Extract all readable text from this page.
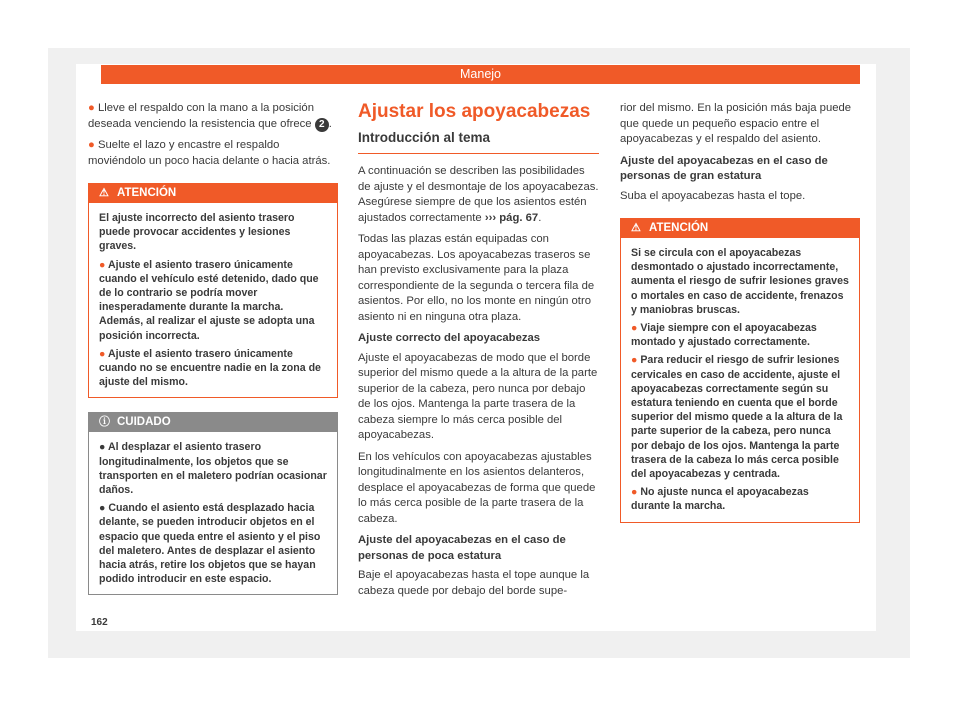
Manejo

● Lleve el respaldo con la mano a la posición deseada venciendo la resistencia que ofrece 2 .

● Suelte el lazo y encastre el respaldo moviéndolo un poco hacia delante o hacia atrás.

⚠ ATENCIÓN

El ajuste incorrecto del asiento trasero puede provocar accidentes y lesiones graves.

● Ajuste el asiento trasero únicamente cuando el vehículo esté detenido, dado que de lo contrario se podría mover inesperadamente durante la marcha. Además, al realizar el ajuste se adopta una posición incorrecta.

● Ajuste el asiento trasero únicamente cuando no se encuentre nadie en la zona de ajuste del mismo.

ⓘ CUIDADO

● Al desplazar el asiento trasero longitudinalmente, los objetos que se transporten en el maletero podrían ocasionar daños.

● Cuando el asiento está desplazado hacia delante, se pueden introducir objetos en el espacio que queda entre el asiento y el piso del maletero. Antes de desplazar el asiento hacia atrás, retire los objetos que se hayan podido introducir en este espacio.

Ajustar los apoyacabezas
Introducción al tema

A continuación se describen las posibilidades de ajuste y el desmontaje de los apoyacabezas. Asegúrese siempre de que los asientos estén ajustados correctamente ››› pág. 67.

Todas las plazas están equipadas con apoyacabezas. Los apoyacabezas traseros se han previsto exclusivamente para la plaza correspondiente de la segunda o tercera fila de asientos. Por ello, no los monte en ningún otro asiento ni en ninguna otra plaza.

Ajuste correcto del apoyacabezas

Ajuste el apoyacabezas de modo que el borde superior del mismo quede a la altura de la parte superior de la cabeza, pero nunca por debajo de los ojos. Mantenga la parte trasera de la cabeza siempre lo más cerca posible del apoyacabezas.

En los vehículos con apoyacabezas ajustables longitudinalmente en los asientos delanteros, desplace el apoyacabezas de forma que quede lo más cerca posible de la parte trasera de la cabeza.

Ajuste del apoyacabezas en el caso de personas de poca estatura

Baje el apoyacabezas hasta el tope aunque la cabeza quede por debajo del borde supe-

rior del mismo. En la posición más baja puede que quede un pequeño espacio entre el apoyacabezas y el respaldo del asiento.

Ajuste del apoyacabezas en el caso de personas de gran estatura

Suba el apoyacabezas hasta el tope.

⚠ ATENCIÓN

Si se circula con el apoyacabezas desmontado o ajustado incorrectamente, aumenta el riesgo de sufrir lesiones graves o mortales en caso de accidente, frenazos y maniobras bruscas.

● Viaje siempre con el apoyacabezas montado y ajustado correctamente.

● Para reducir el riesgo de sufrir lesiones cervicales en caso de accidente, ajuste el apoyacabezas correctamente según su estatura teniendo en cuenta que el borde superior del mismo quede a la altura de la parte superior de la cabeza, pero nunca por debajo de los ojos. Mantenga la parte trasera de la cabeza lo más cerca posible del apoyacabezas y centrada.

● No ajuste nunca el apoyacabezas durante la marcha.

162
